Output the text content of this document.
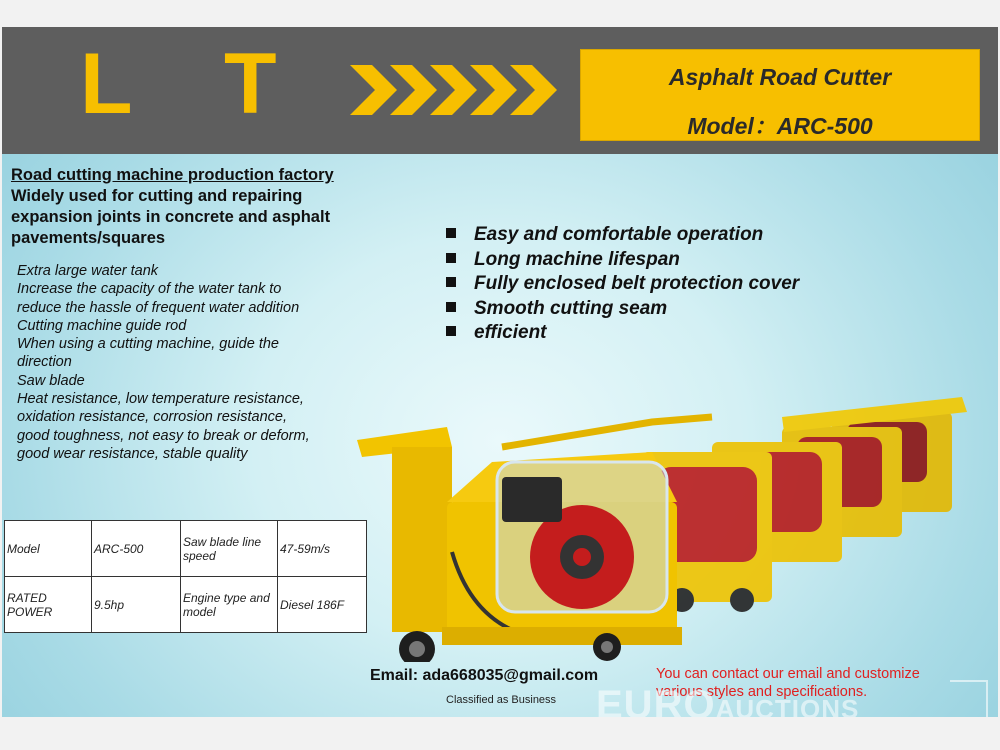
L T	Asphalt Road Cutter
Model：ARC-500
Road cutting machine production factory
Widely used for cutting and repairing
expansion joints in concrete and asphalt
pavements/squares
Extra large water tank
Increase the capacity of the water tank to
reduce the hassle of frequent water addition
Cutting machine guide rod
When using a cutting machine, guide the
direction
Saw blade
Heat resistance, low temperature resistance,
oxidation resistance, corrosion resistance,
good toughness, not easy to break or deform,
good wear resistance, stable quality
Easy and comfortable operation
Long machine lifespan
Fully enclosed belt protection cover
Smooth cutting seam
efficient
Model	ARC-500	Saw blade line speed	47-59m/s
RATED POWER	9.5hp	Engine type and model	Diesel 186F
Email: ada668035@gmail.com
Classified as Business
You can contact our email and customize various styles and specifications.
EUROAUCTIONS
